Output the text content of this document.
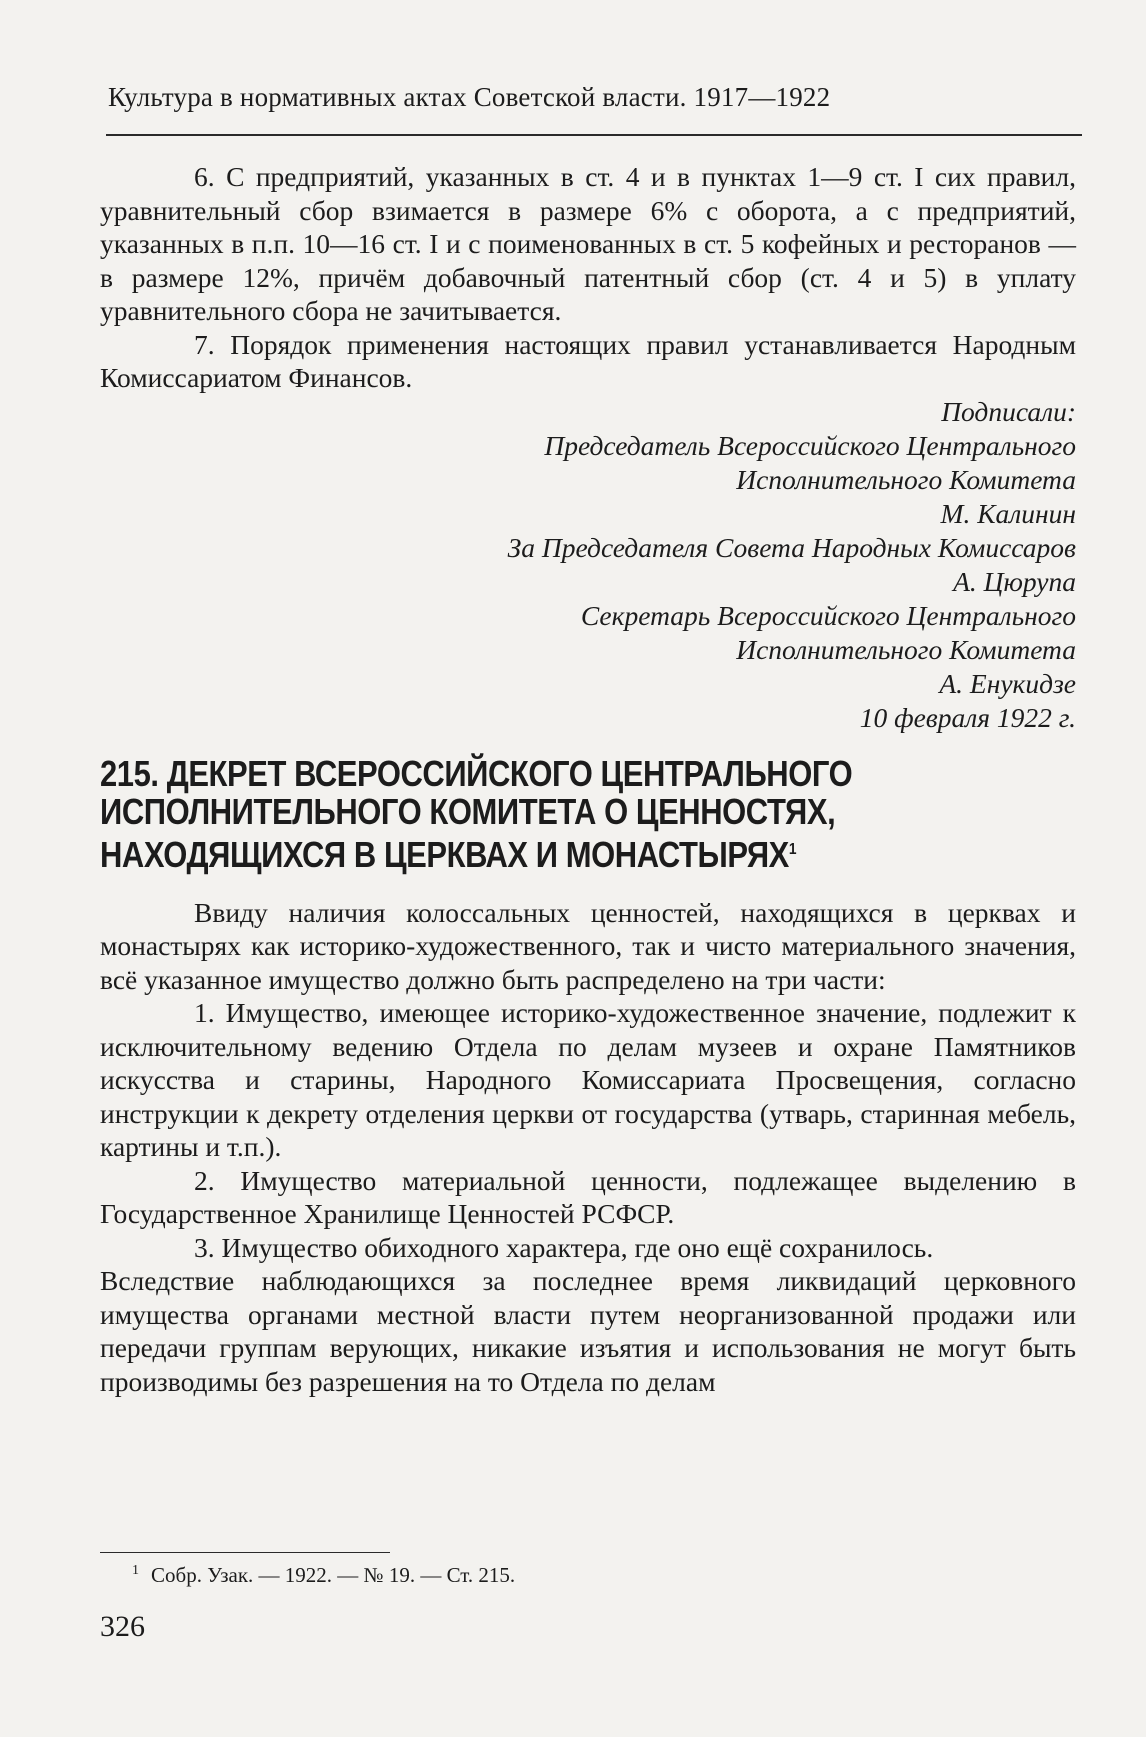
Культура в нормативных актах Советской власти. 1917—1922

6. С предприятий, указанных в ст. 4 и в пунктах 1—9 ст. I сих правил, уравнительный сбор взимается в размере 6% с оборота, а с предприятий, указанных в п.п. 10—16 ст. I и с поименованных в ст. 5 кофейных и ресторанов — в размере 12%, причём добавочный патентный сбор (ст. 4 и 5) в уплату уравнительного сбора не зачитывается.

7. Порядок применения настоящих правил устанавливается Народным Комиссариатом Финансов.

Подписали:
Председатель Всероссийского Центрального
Исполнительного Комитета
М. Калинин
За Председателя Совета Народных Комиссаров
А. Цюрупа
Секретарь Всероссийского Центрального
Исполнительного Комитета
А. Енукидзе
10 февраля 1922 г.
215. ДЕКРЕТ ВСЕРОССИЙСКОГО ЦЕНТРАЛЬНОГО ИСПОЛНИТЕЛЬНОГО КОМИТЕТА О ЦЕННОСТЯХ, НАХОДЯЩИХСЯ В ЦЕРКВАХ И МОНАСТЫРЯХ$^1$

Ввиду наличия колоссальных ценностей, находящихся в церквах и монастырях как историко-художественного, так и чисто материального значения, всё указанное имущество должно быть распределено на три части:

1. Имущество, имеющее историко-художественное значение, подлежит к исключительному ведению Отдела по делам музеев и охране Памятников искусства и старины, Народного Комиссариата Просвещения, согласно инструкции к декрету отделения церкви от государства (утварь, старинная мебель, картины и т.п.).

2. Имущество материальной ценности, подлежащее выделению в Государственное Хранилище Ценностей РСФСР.

3. Имущество обиходного характера, где оно ещё сохранилось.

Вследствие наблюдающихся за последнее время ликвидаций церковного имущества органами местной власти путем неорганизованной продажи или передачи группам верующих, никакие изъятия и использования не могут быть производимы без разрешения на то Отдела по делам

$^1$ Собр. Узак. — 1922. — № 19. — Ст. 215.
326
